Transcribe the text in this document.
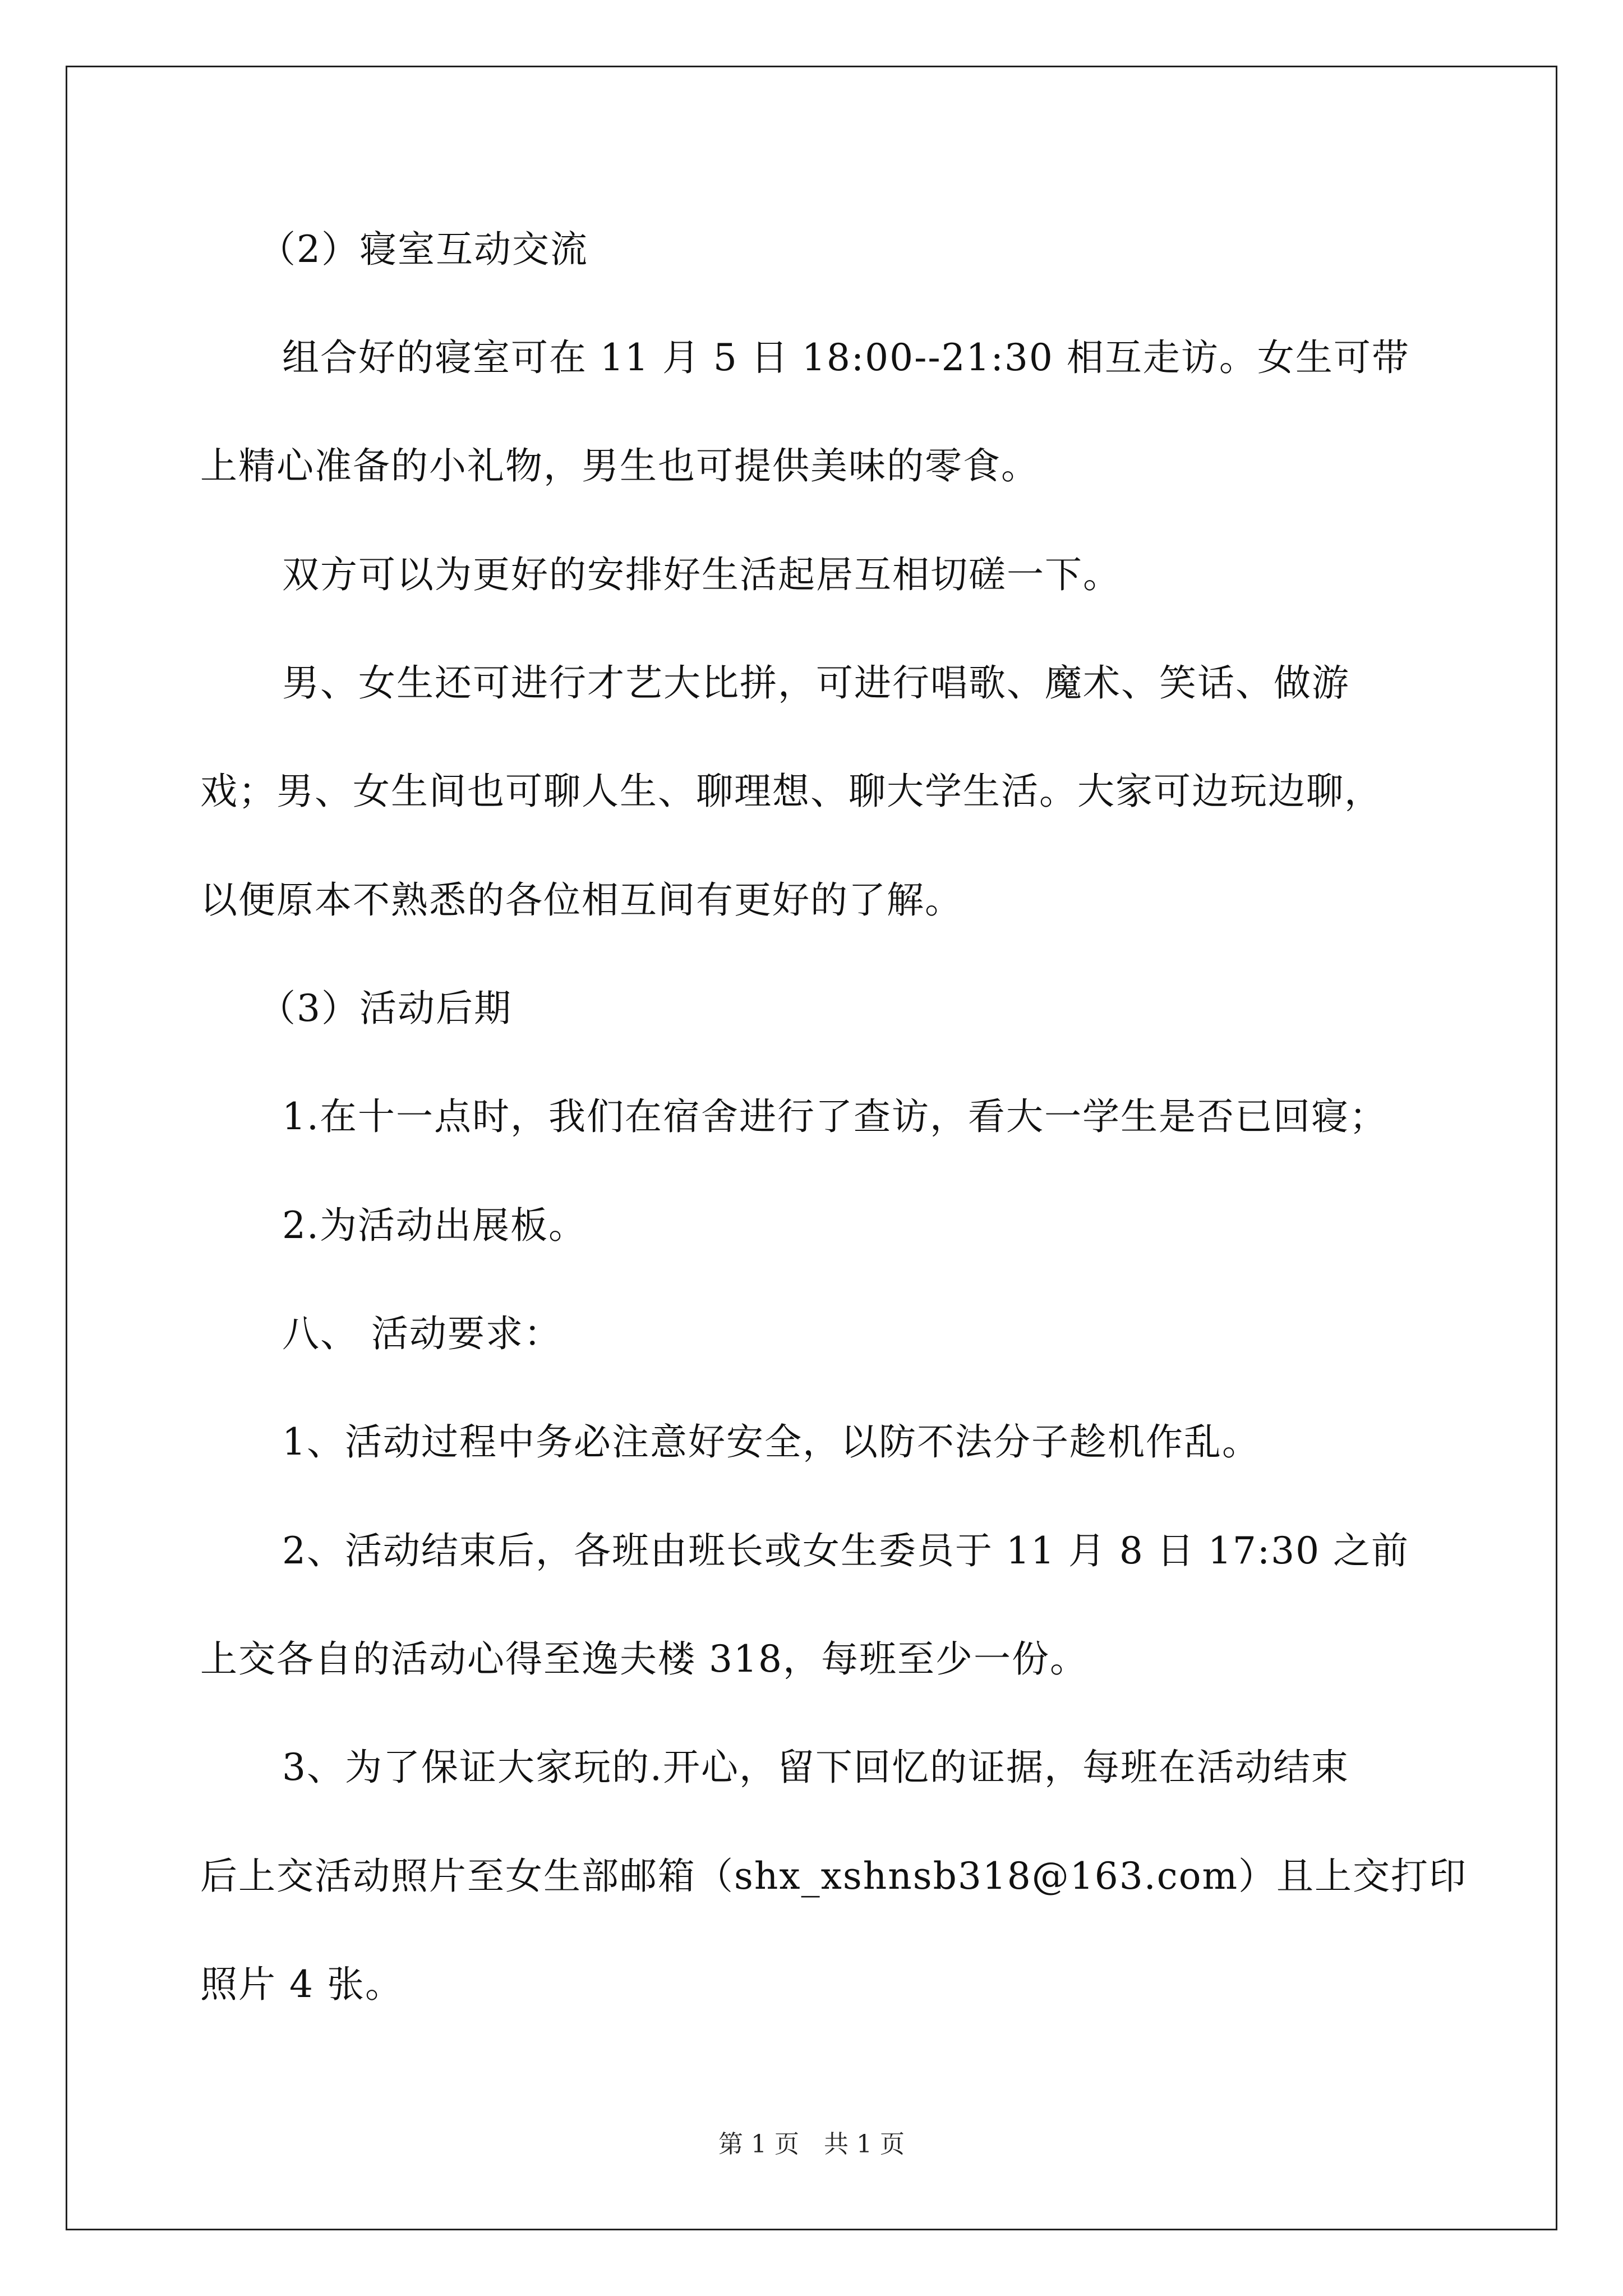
（2）寝室互动交流
组合好的寝室可在 11 月 5 日 18:00--21:30 相互走访。女生可带
上精心准备的小礼物，男生也可提供美味的零食。
双方可以为更好的安排好生活起居互相切磋一下。
男、女生还可进行才艺大比拼，可进行唱歌、魔术、笑话、做游
戏；男、女生间也可聊人生、聊理想、聊大学生活。大家可边玩边聊，
以便原本不熟悉的各位相互间有更好的了解。
（3）活动后期
1.在十一点时，我们在宿舍进行了查访，看大一学生是否已回寝；
2.为活动出展板。
八、 活动要求：
1、活动过程中务必注意好安全，以防不法分子趁机作乱。
2、活动结束后，各班由班长或女生委员于 11 月 8 日 17:30 之前
上交各自的活动心得至逸夫楼 318，每班至少一份。
3、为了保证大家玩的.开心，留下回忆的证据，每班在活动结束
后上交活动照片至女生部邮箱（shx_xshnsb318@163.com）且上交打印
照片 4 张。
第 1 页　共 1 页
